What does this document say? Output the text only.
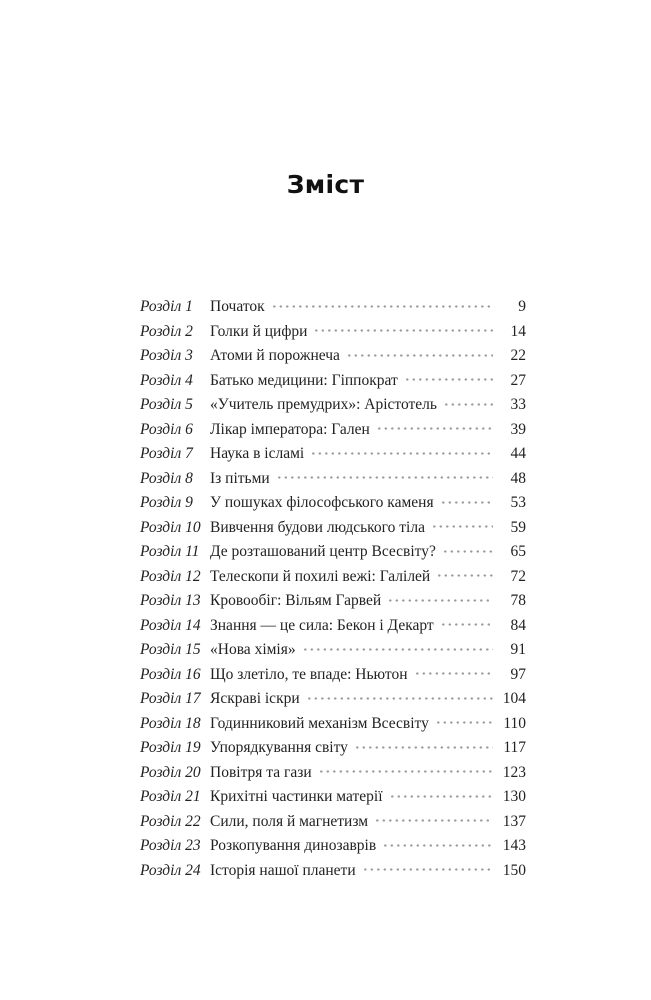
Зміст
Розділ 1	Початок	9
Розділ 2	Голки й цифри	14
Розділ 3	Атоми й порожнеча	22
Розділ 4	Батько медицини: Гіппократ	27
Розділ 5	«Учитель премудрих»: Арістотель	33
Розділ 6	Лікар імператора: Гален	39
Розділ 7	Наука в ісламі	44
Розділ 8	Із пітьми	48
Розділ 9	У пошуках філософського каменя	53
Розділ 10 Вивчення будови людського тіла	59
Розділ 11 Де розташований центр Всесвіту?	65
Розділ 12 Телескопи й похилі вежі: Галілей	72
Розділ 13 Кровообіг: Вільям Гарвей	78
Розділ 14 Знання — це сила: Бекон і Декарт	84
Розділ 15 «Нова хімія»	91
Розділ 16 Що злетіло, те впаде: Ньютон	97
Розділ 17 Яскраві іскри	104
Розділ 18 Годинниковий механізм Всесвіту	110
Розділ 19 Упорядкування світу	117
Розділ 20 Повітря та гази	123
Розділ 21 Крихітні частинки матерії	130
Розділ 22 Сили, поля й магнетизм	137
Розділ 23 Розкопування динозаврів	143
Розділ 24 Історія нашої планети	150
